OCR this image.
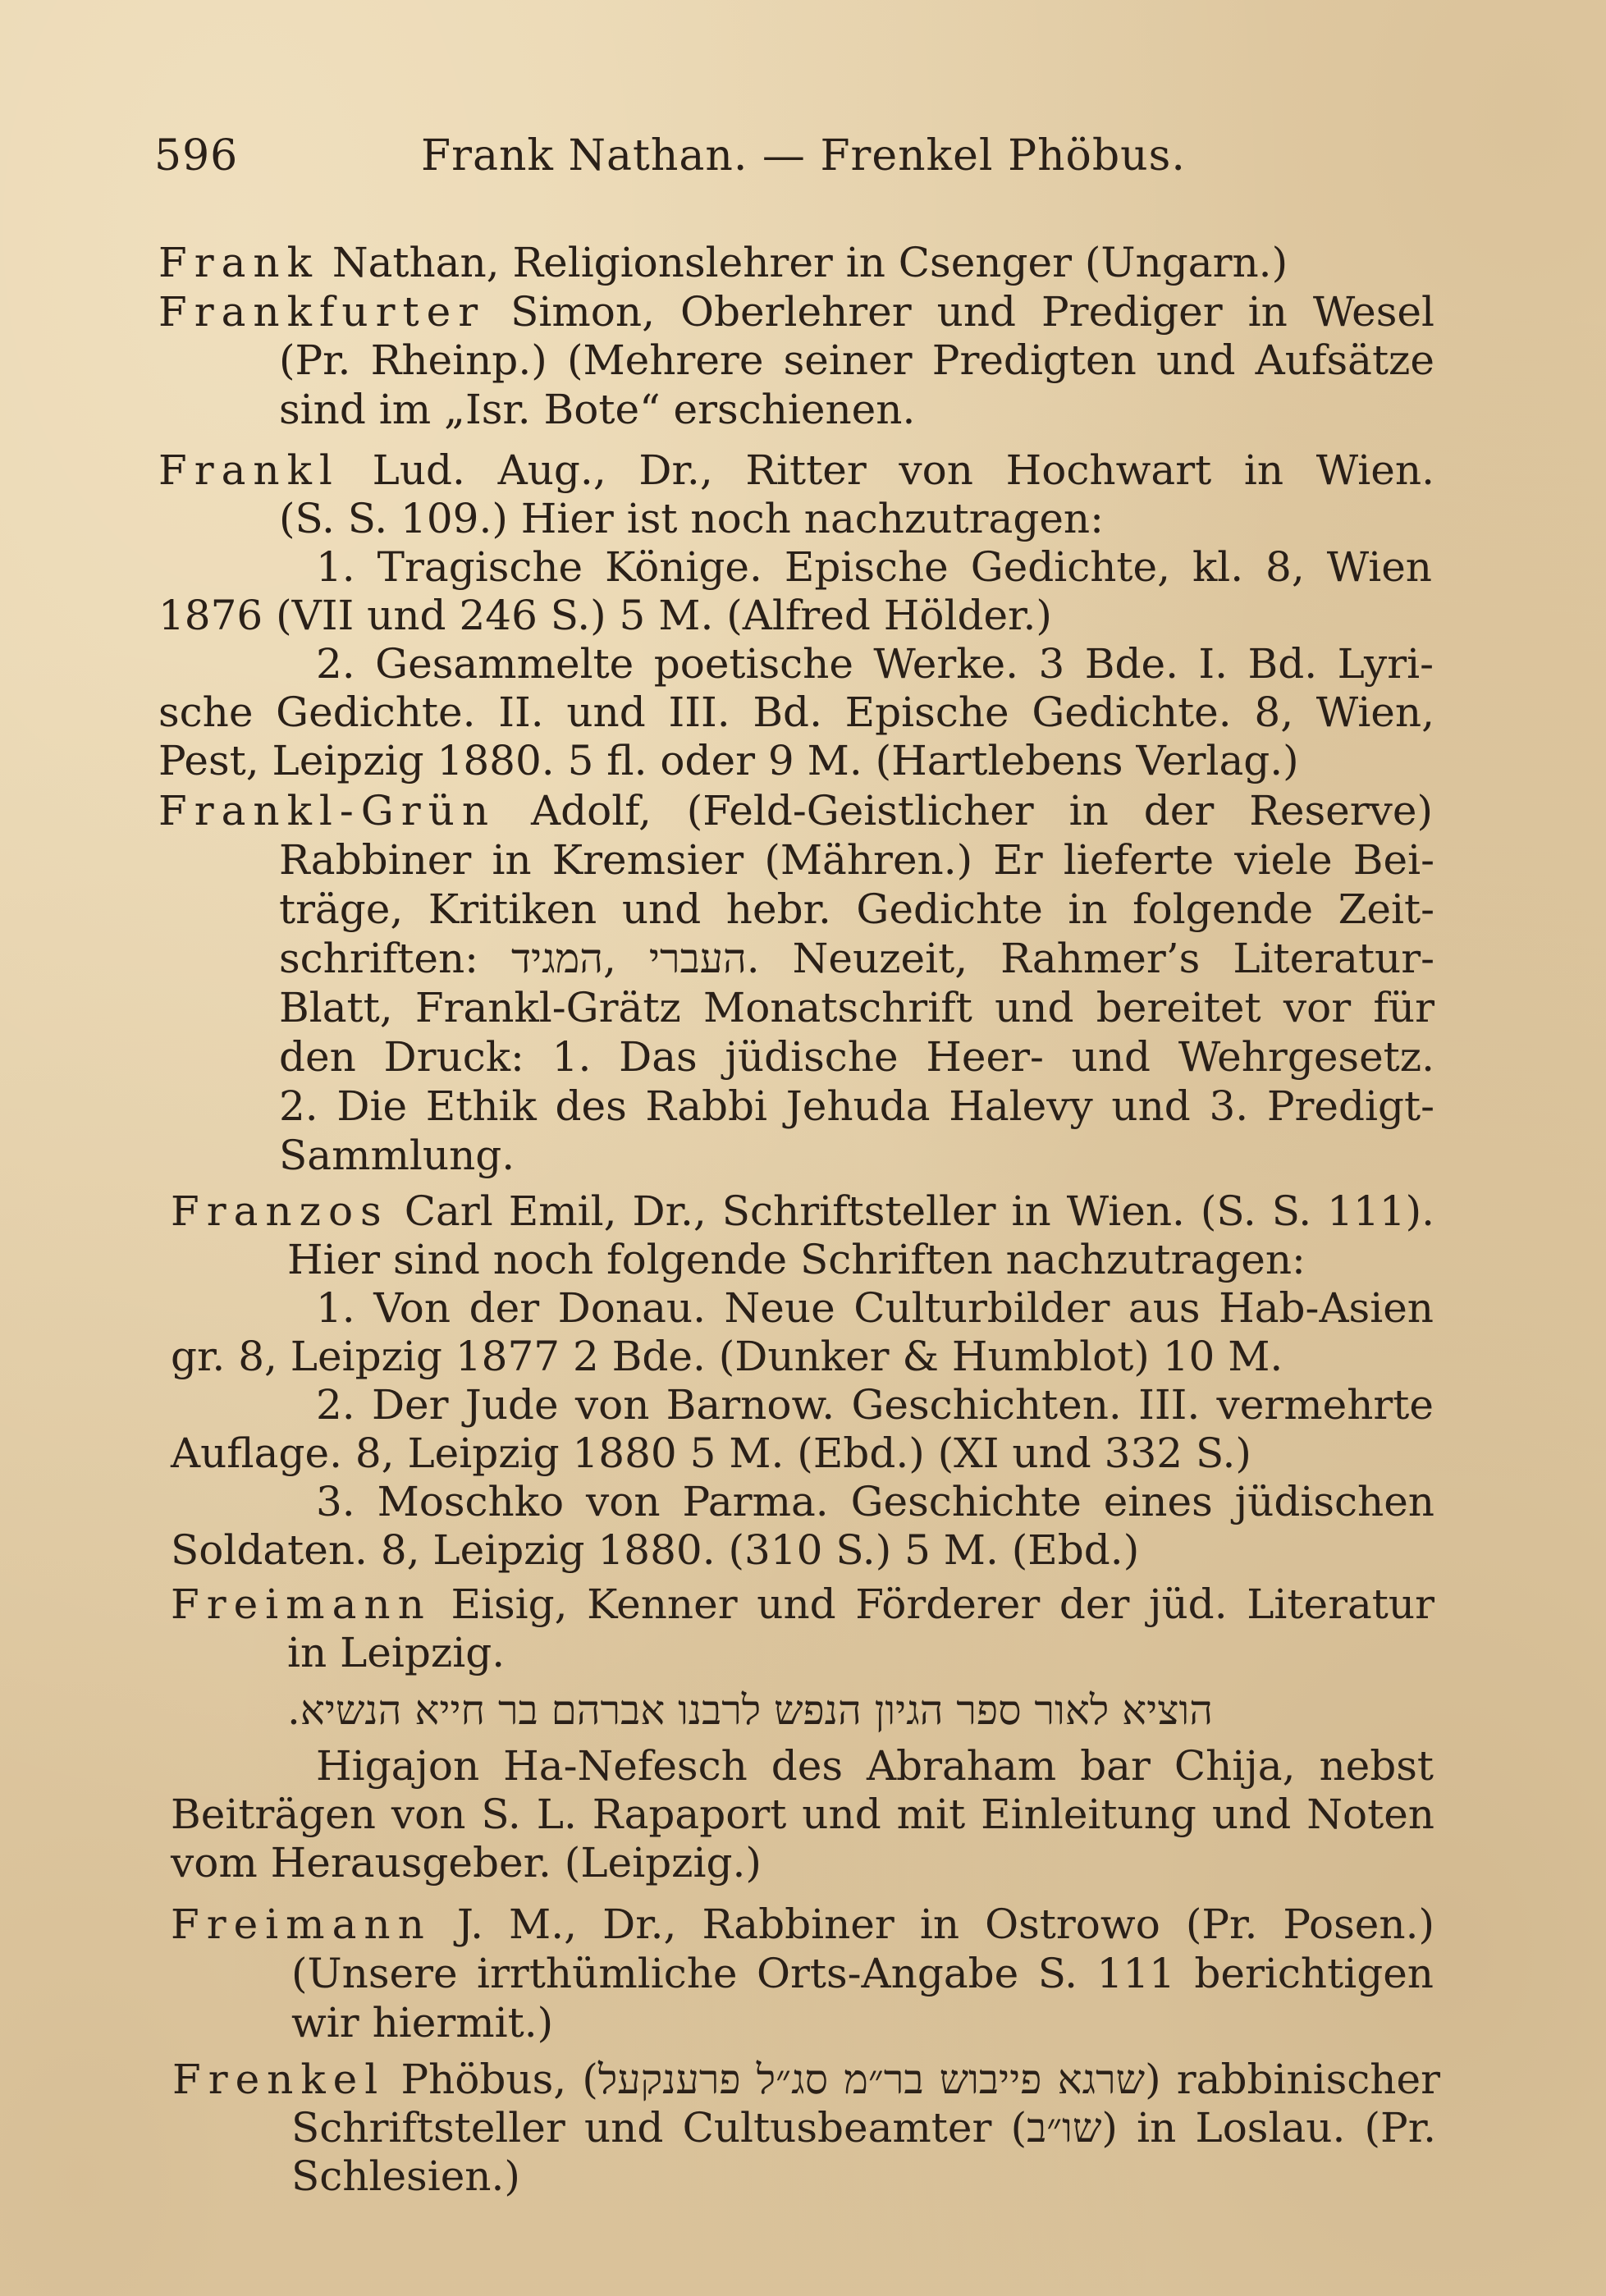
596	Frank Nathan. — Frenkel Phöbus.
Frank Nathan, Religionslehrer in Csenger (Ungarn.)
Frankfurter Simon, Oberlehrer und Prediger in Wesel
(Pr. Rheinp.) (Mehrere seiner Predigten und Aufsätze
sind im „Isr. Bote“ erschienen.
Frankl Lud. Aug., Dr., Ritter von Hochwart in Wien.
(S. S. 109.) Hier ist noch nachzutragen:
1. Tragische Könige. Epische Gedichte, kl. 8, Wien
1876 (VII und 246 S.) 5 M. (Alfred Hölder.)
2. Gesammelte poetische Werke. 3 Bde. I. Bd. Lyri-
sche Gedichte. II. und III. Bd. Epische Gedichte. 8, Wien,
Pest, Leipzig 1880. 5 fl. oder 9 M. (Hartlebens Verlag.)
Frankl-Grün Adolf, (Feld-Geistlicher in der Reserve)
Rabbiner in Kremsier (Mähren.) Er lieferte viele Bei-
träge, Kritiken und hebr. Gedichte in folgende Zeit-
schriften: העברי ,המגיד. Neuzeit, Rahmer’s Literatur-
Blatt, Frankl-Grätz Monatschrift und bereitet vor für
den Druck: 1. Das jüdische Heer- und Wehrgesetz.
2. Die Ethik des Rabbi Jehuda Halevy und 3. Predigt-
Sammlung.
Franzos Carl Emil, Dr., Schriftsteller in Wien. (S. S. 111).
Hier sind noch folgende Schriften nachzutragen:
1. Von der Donau. Neue Culturbilder aus Hab-Asien
gr. 8, Leipzig 1877 2 Bde. (Dunker & Humblot) 10 M.
2. Der Jude von Barnow. Geschichten. III. vermehrte
Auflage. 8, Leipzig 1880 5 M. (Ebd.) (XI und 332 S.)
3. Moschko von Parma. Geschichte eines jüdischen
Soldaten. 8, Leipzig 1880. (310 S.) 5 M. (Ebd.)
Freimann Eisig, Kenner und Förderer der jüd. Literatur
in Leipzig.
הוציא לאור ספר הגיון הנפש לרבנו אברהם בר חייא הנשיא.
Higajon Ha-Nefesch des Abraham bar Chija, nebst
Beiträgen von S. L. Rapaport und mit Einleitung und Noten
vom Herausgeber. (Leipzig.)
Freimann J. M., Dr., Rabbiner in Ostrowo (Pr. Posen.)
(Unsere irrthümliche Orts-Angabe S. 111 berichtigen
wir hiermit.)
Frenkel Phöbus, (שרגא פייבוש בר״מ סג״ל פרענקעל) rabbinischer
Schriftsteller und Cultusbeamter (שו״ב) in Loslau. (Pr.
Schlesien.)
